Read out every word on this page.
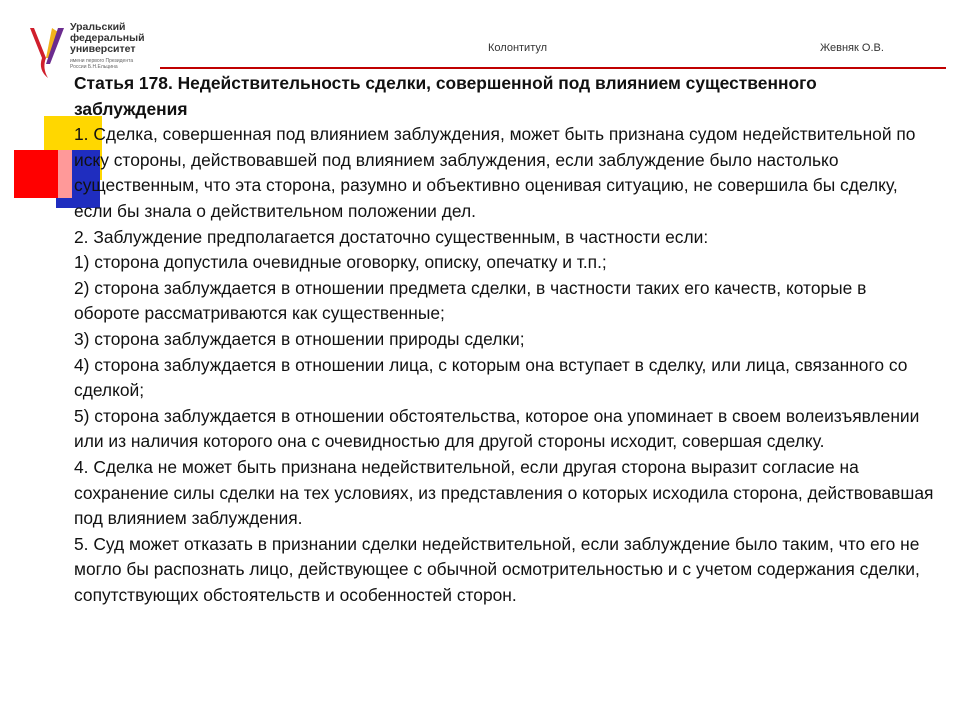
Уральский
федеральный
университет
имени первого Президента России Б.Н.Ельцина
Колонтитул	Жевняк О.В.

Статья 178. Недействительность сделки, совершенной под влиянием существенного заблуждения

1. Сделка, совершенная под влиянием заблуждения, может быть признана судом недействительной по иску стороны, действовавшей под влиянием заблуждения, если заблуждение было настолько существенным, что эта сторона, разумно и объективно оценивая ситуацию, не совершила бы сделку, если бы знала о действительном положении дел.

2. Заблуждение предполагается достаточно существенным, в частности если:

1) сторона допустила очевидные оговорку, описку, опечатку и т.п.;

2) сторона заблуждается в отношении предмета сделки, в частности таких его качеств, которые в обороте рассматриваются как существенные;

3) сторона заблуждается в отношении природы сделки;

4) сторона заблуждается в отношении лица, с которым она вступает в сделку, или лица, связанного со сделкой;

5) сторона заблуждается в отношении обстоятельства, которое она упоминает в своем волеизъявлении или из наличия которого она с очевидностью для другой стороны исходит, совершая сделку.

4. Сделка не может быть признана недействительной, если другая сторона выразит согласие на сохранение силы сделки на тех условиях, из представления о которых исходила сторона, действовавшая под влиянием заблуждения.

5. Суд может отказать в признании сделки недействительной, если заблуждение было таким, что его не могло бы распознать лицо, действующее с обычной осмотрительностью и с учетом содержания сделки, сопутствующих обстоятельств и особенностей сторон.
